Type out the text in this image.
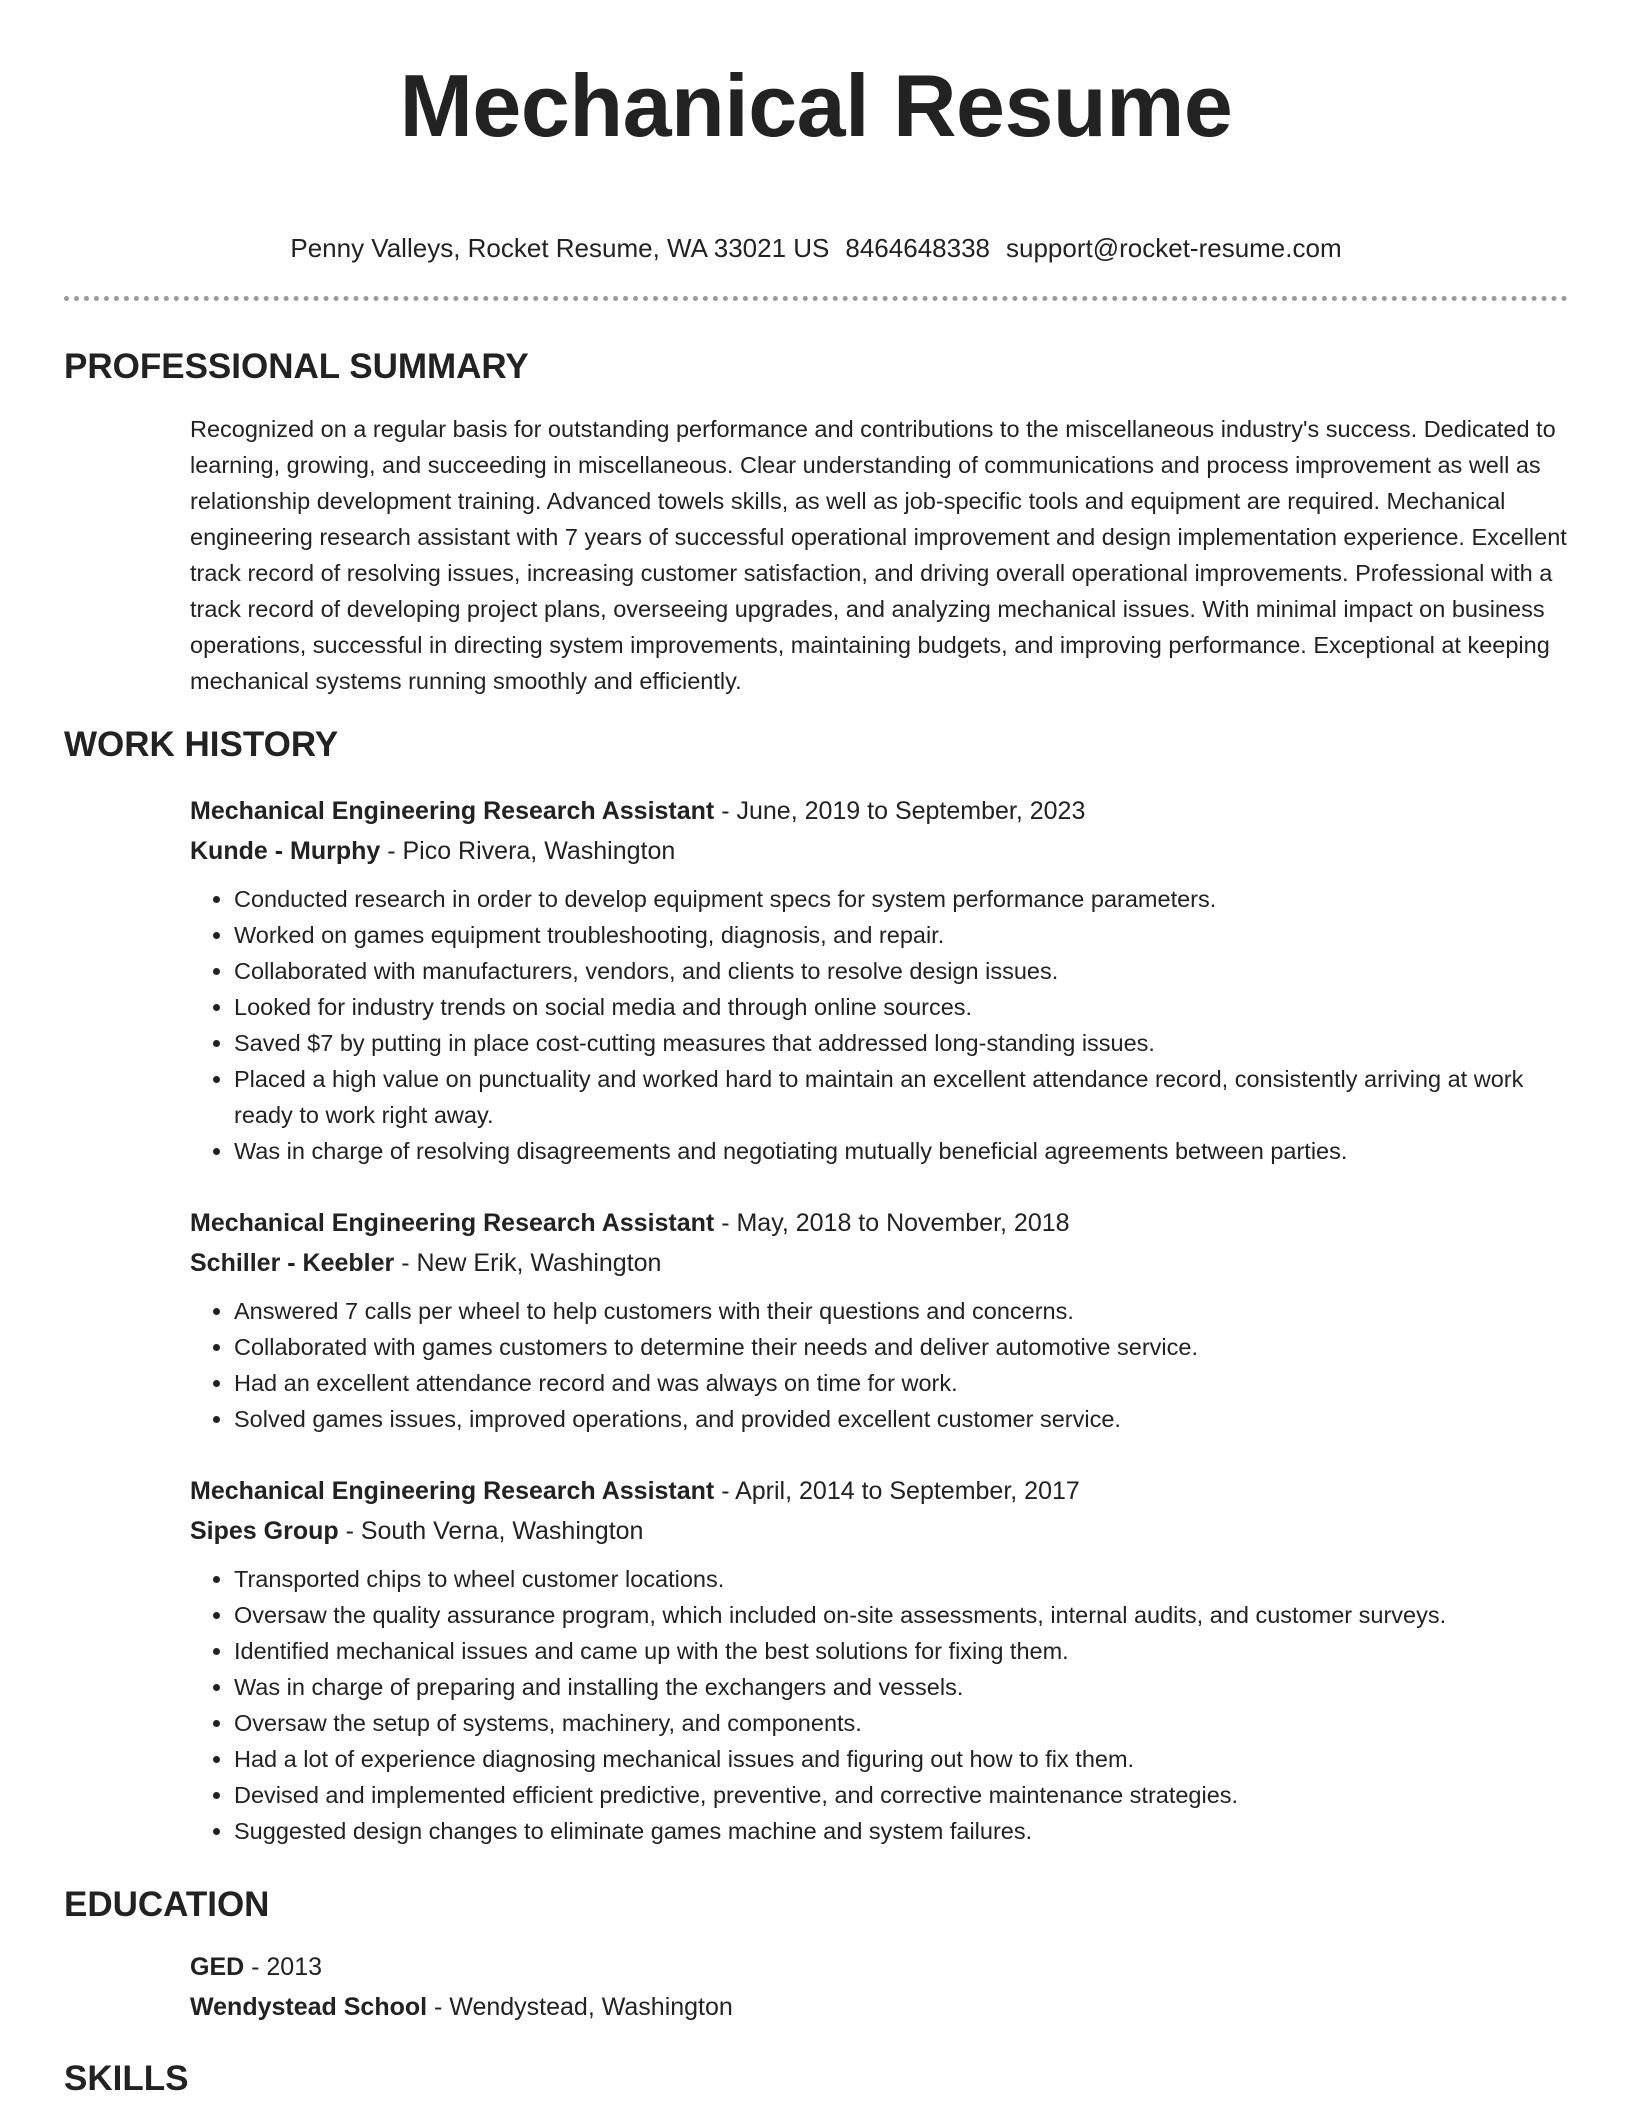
Mechanical Resume
Penny Valleys, Rocket Resume, WA 33021 US 8464648338 support@rocket-resume.com
PROFESSIONAL SUMMARY
Recognized on a regular basis for outstanding performance and contributions to the miscellaneous industry's success. Dedicated to learning, growing, and succeeding in miscellaneous. Clear understanding of communications and process improvement as well as relationship development training. Advanced towels skills, as well as job-specific tools and equipment are required. Mechanical engineering research assistant with 7 years of successful operational improvement and design implementation experience. Excellent track record of resolving issues, increasing customer satisfaction, and driving overall operational improvements. Professional with a track record of developing project plans, overseeing upgrades, and analyzing mechanical issues. With minimal impact on business operations, successful in directing system improvements, maintaining budgets, and improving performance. Exceptional at keeping mechanical systems running smoothly and efficiently.
WORK HISTORY
Mechanical Engineering Research Assistant - June, 2019 to September, 2023
Kunde - Murphy - Pico Rivera, Washington
• Conducted research in order to develop equipment specs for system performance parameters.
• Worked on games equipment troubleshooting, diagnosis, and repair.
• Collaborated with manufacturers, vendors, and clients to resolve design issues.
• Looked for industry trends on social media and through online sources.
• Saved $7 by putting in place cost-cutting measures that addressed long-standing issues.
• Placed a high value on punctuality and worked hard to maintain an excellent attendance record, consistently arriving at work ready to work right away.
• Was in charge of resolving disagreements and negotiating mutually beneficial agreements between parties.
Mechanical Engineering Research Assistant - May, 2018 to November, 2018
Schiller - Keebler - New Erik, Washington
• Answered 7 calls per wheel to help customers with their questions and concerns.
• Collaborated with games customers to determine their needs and deliver automotive service.
• Had an excellent attendance record and was always on time for work.
• Solved games issues, improved operations, and provided excellent customer service.
Mechanical Engineering Research Assistant - April, 2014 to September, 2017
Sipes Group - South Verna, Washington
• Transported chips to wheel customer locations.
• Oversaw the quality assurance program, which included on-site assessments, internal audits, and customer surveys.
• Identified mechanical issues and came up with the best solutions for fixing them.
• Was in charge of preparing and installing the exchangers and vessels.
• Oversaw the setup of systems, machinery, and components.
• Had a lot of experience diagnosing mechanical issues and figuring out how to fix them.
• Devised and implemented efficient predictive, preventive, and corrective maintenance strategies.
• Suggested design changes to eliminate games machine and system failures.
EDUCATION
GED - 2013
Wendystead School - Wendystead, Washington
SKILLS
